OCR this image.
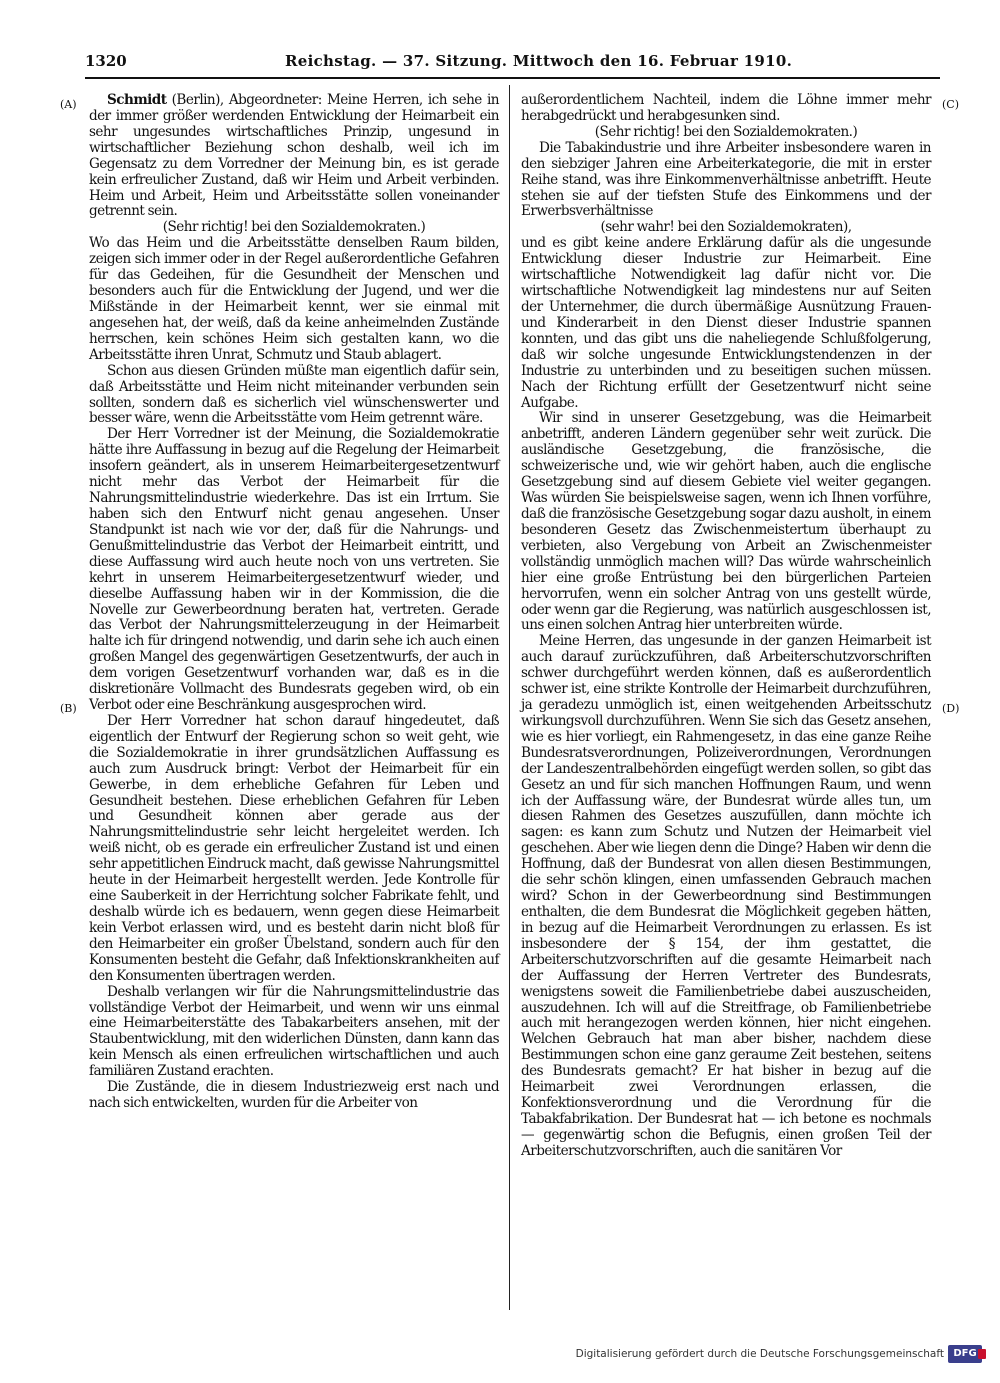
1320	Reichstag. — 37. Sitzung. Mittwoch den 16. Februar 1910.
(A)
(B)
(C)
(D)

Schmidt (Berlin), Abgeordneter: Meine Herren, ich sehe in der immer größer werdenden Entwicklung der Heimarbeit ein sehr ungesundes wirtschaftliches Prinzip, ungesund in wirtschaftlicher Beziehung schon deshalb, weil ich im Gegensatz zu dem Vorredner der Meinung bin, es ist gerade kein erfreulicher Zustand, daß wir Heim und Arbeit verbinden. Heim und Arbeit, Heim und Arbeitsstätte sollen voneinander getrennt sein.

(Sehr richtig! bei den Sozialdemokraten.)

Wo das Heim und die Arbeitsstätte denselben Raum bilden, zeigen sich immer oder in der Regel außerordentliche Gefahren für das Gedeihen, für die Gesundheit der Menschen und besonders auch für die Entwicklung der Jugend, und wer die Mißstände in der Heimarbeit kennt, wer sie einmal mit angesehen hat, der weiß, daß da keine anheimelnden Zustände herrschen, kein schönes Heim sich gestalten kann, wo die Arbeitsstätte ihren Unrat, Schmutz und Staub ablagert.

Schon aus diesen Gründen müßte man eigentlich dafür sein, daß Arbeitsstätte und Heim nicht miteinander verbunden sein sollten, sondern daß es sicherlich viel wünschenswerter und besser wäre, wenn die Arbeitsstätte vom Heim getrennt wäre.

Der Herr Vorredner ist der Meinung, die Sozialdemokratie hätte ihre Auffassung in bezug auf die Regelung der Heimarbeit insofern geändert, als in unserem Heimarbeitergesetzentwurf nicht mehr das Verbot der Heimarbeit für die Nahrungsmittelindustrie wiederkehre. Das ist ein Irrtum. Sie haben sich den Entwurf nicht genau angesehen. Unser Standpunkt ist nach wie vor der, daß für die Nahrungs- und Genußmittelindustrie das Verbot der Heimarbeit eintritt, und diese Auffassung wird auch heute noch von uns vertreten. Sie kehrt in unserem Heimarbeitergesetzentwurf wieder, und dieselbe Auffassung haben wir in der Kommission, die die Novelle zur Gewerbeordnung beraten hat, vertreten. Gerade das Verbot der Nahrungsmittelerzeugung in der Heimarbeit halte ich für dringend notwendig, und darin sehe ich auch einen großen Mangel des gegenwärtigen Gesetzentwurfs, der auch in dem vorigen Gesetzentwurf vorhanden war, daß es in die diskretionäre Vollmacht des Bundesrats gegeben wird, ob ein Verbot oder eine Beschränkung ausgesprochen wird.

Der Herr Vorredner hat schon darauf hingedeutet, daß eigentlich der Entwurf der Regierung schon so weit geht, wie die Sozialdemokratie in ihrer grundsätzlichen Auffassung es auch zum Ausdruck bringt: Verbot der Heimarbeit für ein Gewerbe, in dem erhebliche Gefahren für Leben und Gesundheit bestehen. Diese erheblichen Gefahren für Leben und Gesundheit können aber gerade aus der Nahrungsmittelindustrie sehr leicht hergeleitet werden. Ich weiß nicht, ob es gerade ein erfreulicher Zustand ist und einen sehr appetitlichen Eindruck macht, daß gewisse Nahrungsmittel heute in der Heimarbeit hergestellt werden. Jede Kontrolle für eine Sauberkeit in der Herrichtung solcher Fabrikate fehlt, und deshalb würde ich es bedauern, wenn gegen diese Heimarbeit kein Verbot erlassen wird, und es besteht darin nicht bloß für den Heimarbeiter ein großer Übelstand, sondern auch für den Konsumenten besteht die Gefahr, daß Infektionskrankheiten auf den Konsumenten übertragen werden.

Deshalb verlangen wir für die Nahrungsmittelindustrie das vollständige Verbot der Heimarbeit, und wenn wir uns einmal eine Heimarbeiterstätte des Tabakarbeiters ansehen, mit der Staubentwicklung, mit den widerlichen Dünsten, dann kann das kein Mensch als einen erfreulichen wirtschaftlichen und auch familiären Zustand erachten.

Die Zustände, die in diesem Industriezweig erst nach und nach sich entwickelten, wurden für die Arbeiter von

außerordentlichem Nachteil, indem die Löhne immer mehr herabgedrückt und herabgesunken sind.

(Sehr richtig! bei den Sozialdemokraten.)

Die Tabakindustrie und ihre Arbeiter insbesondere waren in den siebziger Jahren eine Arbeiterkategorie, die mit in erster Reihe stand, was ihre Einkommenverhältnisse anbetrifft. Heute stehen sie auf der tiefsten Stufe des Einkommens und der Erwerbsverhältnisse

(sehr wahr! bei den Sozialdemokraten),

und es gibt keine andere Erklärung dafür als die ungesunde Entwicklung dieser Industrie zur Heimarbeit. Eine wirtschaftliche Notwendigkeit lag dafür nicht vor. Die wirtschaftliche Notwendigkeit lag mindestens nur auf Seiten der Unternehmer, die durch übermäßige Ausnützung Frauen- und Kinderarbeit in den Dienst dieser Industrie spannen konnten, und das gibt uns die naheliegende Schlußfolgerung, daß wir solche ungesunde Entwicklungstendenzen in der Industrie zu unterbinden und zu beseitigen suchen müssen. Nach der Richtung erfüllt der Gesetzentwurf nicht seine Aufgabe.

Wir sind in unserer Gesetzgebung, was die Heimarbeit anbetrifft, anderen Ländern gegenüber sehr weit zurück. Die ausländische Gesetzgebung, die französische, die schweizerische und, wie wir gehört haben, auch die englische Gesetzgebung sind auf diesem Gebiete viel weiter gegangen. Was würden Sie beispielsweise sagen, wenn ich Ihnen vorführe, daß die französische Gesetzgebung sogar dazu ausholt, in einem besonderen Gesetz das Zwischenmeistertum überhaupt zu verbieten, also Vergebung von Arbeit an Zwischenmeister vollständig unmöglich machen will? Das würde wahrscheinlich hier eine große Entrüstung bei den bürgerlichen Parteien hervorrufen, wenn ein solcher Antrag von uns gestellt würde, oder wenn gar die Regierung, was natürlich ausgeschlossen ist, uns einen solchen Antrag hier unterbreiten würde.

Meine Herren, das ungesunde in der ganzen Heimarbeit ist auch darauf zurückzuführen, daß Arbeiterschutzvorschriften schwer durchgeführt werden können, daß es außerordentlich schwer ist, eine strikte Kontrolle der Heimarbeit durchzuführen, ja geradezu unmöglich ist, einen weitgehenden Arbeitsschutz wirkungsvoll durchzuführen. Wenn Sie sich das Gesetz ansehen, wie es hier vorliegt, ein Rahmengesetz, in das eine ganze Reihe Bundesratsverordnungen, Polizeiverordnungen, Verordnungen der Landeszentralbehörden eingefügt werden sollen, so gibt das Gesetz an und für sich manchen Hoffnungen Raum, und wenn ich der Auffassung wäre, der Bundesrat würde alles tun, um diesen Rahmen des Gesetzes auszufüllen, dann möchte ich sagen: es kann zum Schutz und Nutzen der Heimarbeit viel geschehen. Aber wie liegen denn die Dinge? Haben wir denn die Hoffnung, daß der Bundesrat von allen diesen Bestimmungen, die sehr schön klingen, einen umfassenden Gebrauch machen wird? Schon in der Gewerbeordnung sind Bestimmungen enthalten, die dem Bundesrat die Möglichkeit gegeben hätten, in bezug auf die Heimarbeit Verordnungen zu erlassen. Es ist insbesondere der § 154, der ihm gestattet, die Arbeiterschutzvorschriften auf die gesamte Heimarbeit nach der Auffassung der Herren Vertreter des Bundesrats, wenigstens soweit die Familienbetriebe dabei auszuscheiden, auszudehnen. Ich will auf die Streitfrage, ob Familienbetriebe auch mit herangezogen werden können, hier nicht eingehen. Welchen Gebrauch hat man aber bisher, nachdem diese Bestimmungen schon eine ganz geraume Zeit bestehen, seitens des Bundesrats gemacht? Er hat bisher in bezug auf die Heimarbeit zwei Verordnungen erlassen, die Konfektionsverordnung und die Verordnung für die Tabakfabrikation. Der Bundesrat hat — ich betone es nochmals — gegenwärtig schon die Befugnis, einen großen Teil der Arbeiterschutzvorschriften, auch die sanitären Vor

Digitalisierung gefördert durch die Deutsche Forschungsgemeinschaft DFG
